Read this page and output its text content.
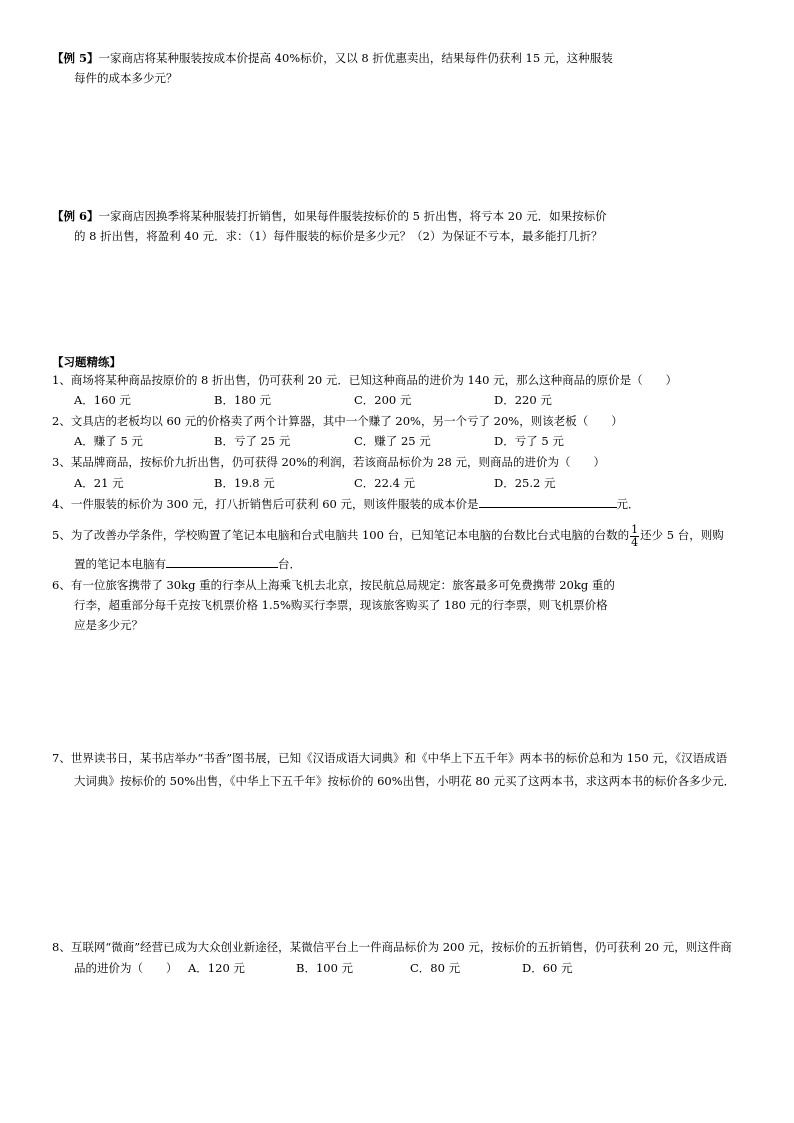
【例 5】一家商店将某种服装按成本价提高 40%标价，又以 8 折优惠卖出，结果每件仍获利 15 元，这种服装
每件的成本多少元？
【例 6】一家商店因换季将某种服装打折销售，如果每件服装按标价的 5 折出售，将亏本 20 元．如果按标价
的 8 折出售，将盈利 40 元．求：（1）每件服装的标价是多少元？（2）为保证不亏本，最多能打几折？
【习题精练】
1、商场将某种商品按原价的 8 折出售，仍可获利 20 元．已知这种商品的进价为 140 元，那么这种商品的原价是（　　）
A．160 元	B．180 元	C．200 元	D．220 元
2、文具店的老板均以 60 元的价格卖了两个计算器，其中一个赚了 20%，另一个亏了 20%，则该老板（　　）
A．赚了 5 元	B．亏了 25 元	C．赚了 25 元	D．亏了 5 元
3、某品牌商品，按标价九折出售，仍可获得 20%的利润，若该商品标价为 28 元，则商品的进价为（　　）
A．21 元	B．19.8 元	C．22.4 元	D．25.2 元
4、一件服装的标价为 300 元，打八折销售后可获利 60 元，则该件服装的成本价是	元．
5、为了改善办学条件，学校购置了笔记本电脑和台式电脑共 100 台，已知笔记本电脑的台数比台式电脑的台数的 $\frac{1}{4}$ 还少 5 台，则购
置的笔记本电脑有	台．
6、有一位旅客携带了 30kg 重的行李从上海乘飞机去北京，按民航总局规定：旅客最多可免费携带 20kg 重的
行李，超重部分每千克按飞机票价格 1.5%购买行李票，现该旅客购买了 180 元的行李票，则飞机票价格
应是多少元？
7、世界读书日，某书店举办“书香”图书展，已知《汉语成语大词典》和《中华上下五千年》两本书的标价总和为 150 元，《汉语成语
大词典》按标价的 50%出售，《中华上下五千年》按标价的 60%出售，小明花 80 元买了这两本书，求这两本书的标价各多少元．
8、互联网“微商”经营已成为大众创业新途径，某微信平台上一件商品标价为 200 元，按标价的五折销售，仍可获利 20 元，则这件商
品的进价为（　　） A．120 元	B．100 元	C．80 元	D．60 元
